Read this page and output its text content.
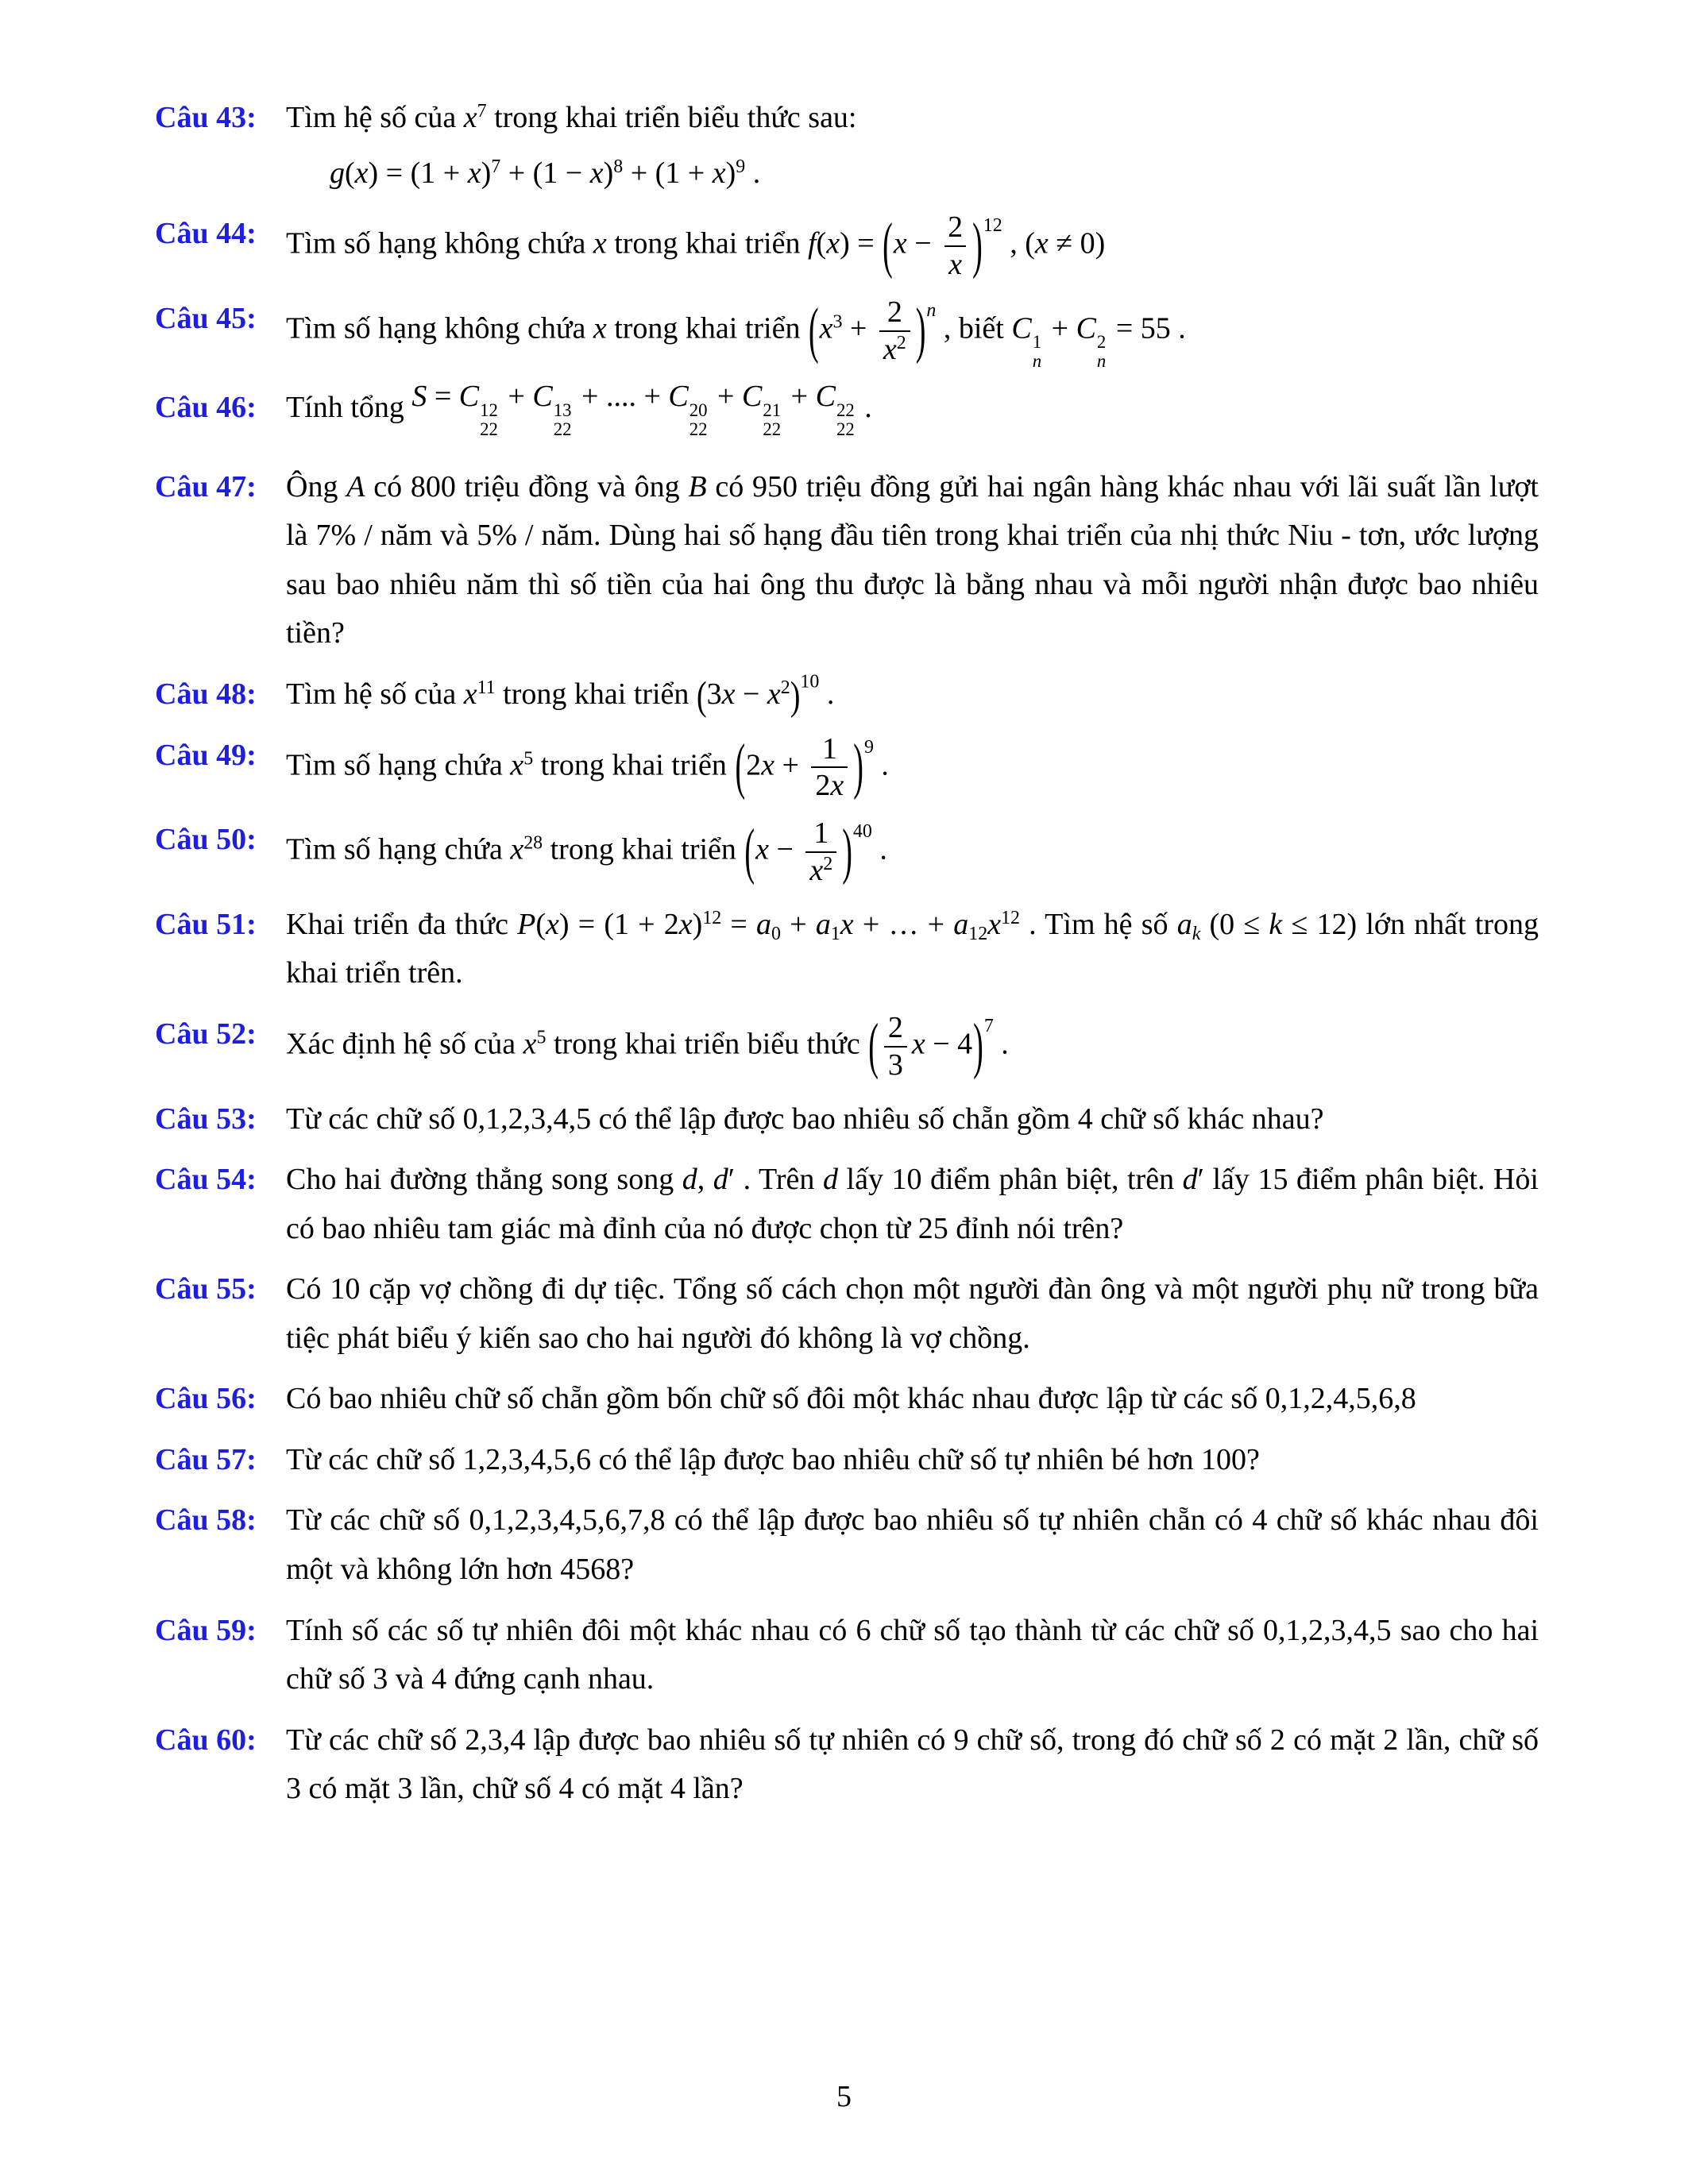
Câu 43: Tìm hệ số của $x^7$ trong khai triển biểu thức sau:
$g(x) = (1 + x)^7 + (1 - x)^8 + (1 + x)^9$ .
Câu 44: Tìm số hạng không chứa x trong khai triển $f(x) = (x - \frac{2}{x} )^{12}$ , (x ≠ 0)
Câu 45: Tìm số hạng không chứa x trong khai triển $(x^3 + \frac{2}{x^2} )^n$ , biết C 1
n
+ C 2
n
= 55 .
Câu 46: Tính tổng S = C 12
22
+ C 13
22
+ .... + C 20
22
+ C 21
22
+ C 22
22
.
Câu 47: Ông A có 800 triệu đồng và ông B có 950 triệu đồng gửi hai ngân hàng khác nhau với lãi suất lần lượt là 7% / năm và 5% / năm. Dùng hai số hạng đầu tiên trong khai triển của nhị thức Niu - tơn, ước lượng sau bao nhiêu năm thì số tiền của hai ông thu được là bằng nhau và mỗi người nhận được bao nhiêu tiền?
Câu 48: Tìm hệ số của $x^{11}$ trong khai triển $(3x - x^2)^{10}$ .
Câu 49: Tìm số hạng chứa $x^5$ trong khai triển $(2x + \frac{1}{2x} )^9$ .
Câu 50: Tìm số hạng chứa $x^{28}$ trong khai triển $(x - \frac{1}{x^2} )^{40}$ .
Câu 51: Khai triển đa thức $P(x) = (1 + 2x)^{12} = a_0 + a_1x$ + … + $a_{12}x^{12}$ . Tìm hệ số $a_k$ (0 ≤ k ≤ 12) lớn nhất trong khai triển trên.
Câu 52: Xác định hệ số của $x^5$ trong khai triển biểu thức ( $\frac{2}{3}$ x − 4)$^7$ .
Câu 53: Từ các chữ số 0,1,2,3,4,5 có thể lập được bao nhiêu số chẵn gồm 4 chữ số khác nhau?
Câu 54: Cho hai đường thẳng song song d, d′ . Trên d lấy 10 điểm phân biệt, trên d′ lấy 15 điểm phân biệt. Hỏi có bao nhiêu tam giác mà đỉnh của nó được chọn từ 25 đỉnh nói trên?
Câu 55: Có 10 cặp vợ chồng đi dự tiệc. Tổng số cách chọn một người đàn ông và một người phụ nữ trong bữa tiệc phát biểu ý kiến sao cho hai người đó không là vợ chồng.
Câu 56: Có bao nhiêu chữ số chẵn gồm bốn chữ số đôi một khác nhau được lập từ các số 0,1,2,4,5,6,8
Câu 57: Từ các chữ số 1,2,3,4,5,6 có thể lập được bao nhiêu chữ số tự nhiên bé hơn 100?
Câu 58: Từ các chữ số 0,1,2,3,4,5,6,7,8 có thể lập được bao nhiêu số tự nhiên chẵn có 4 chữ số khác nhau đôi một và không lớn hơn 4568?
Câu 59: Tính số các số tự nhiên đôi một khác nhau có 6 chữ số tạo thành từ các chữ số 0,1,2,3,4,5 sao cho hai chữ số 3 và 4 đứng cạnh nhau.
Câu 60: Từ các chữ số 2,3,4 lập được bao nhiêu số tự nhiên có 9 chữ số, trong đó chữ số 2 có mặt 2 lần, chữ số 3 có mặt 3 lần, chữ số 4 có mặt 4 lần?
5
